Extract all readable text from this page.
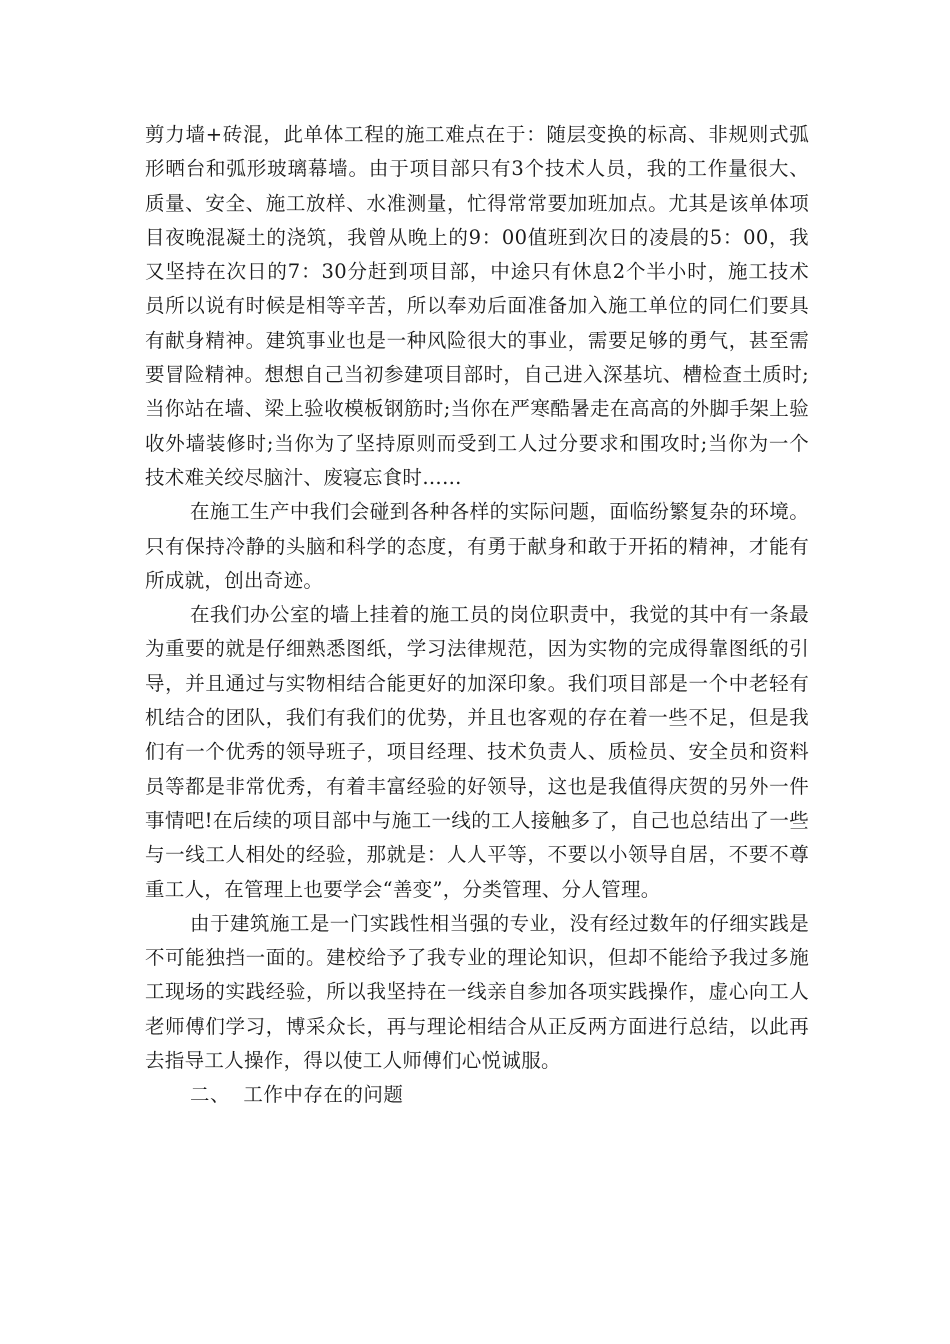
剪力墙+砖混，此单体工程的施工难点在于：随层变换的标高、非规则式弧形晒台和弧形玻璃幕墙。由于项目部只有3个技术人员，我的工作量很大、质量、安全、施工放样、水准测量，忙得常常要加班加点。尤其是该单体项目夜晚混凝土的浇筑，我曾从晚上的9：00值班到次日的凌晨的5：00，我又坚持在次日的7：30分赶到项目部，中途只有休息2个半小时，施工技术员所以说有时候是相等辛苦，所以奉劝后面准备加入施工单位的同仁们要具有献身精神。建筑事业也是一种风险很大的事业，需要足够的勇气，甚至需要冒险精神。想想自己当初参建项目部时，自己进入深基坑、槽检查土质时;当你站在墙、梁上验收模板钢筋时;当你在严寒酷暑走在高高的外脚手架上验收外墙装修时;当你为了坚持原则而受到工人过分要求和围攻时;当你为一个技术难关绞尽脑汁、废寝忘食时……

在施工生产中我们会碰到各种各样的实际问题，面临纷繁复杂的环境。只有保持冷静的头脑和科学的态度，有勇于献身和敢于开拓的精神，才能有所成就，创出奇迹。

在我们办公室的墙上挂着的施工员的岗位职责中，我觉的其中有一条最为重要的就是仔细熟悉图纸，学习法律规范，因为实物的完成得靠图纸的引导，并且通过与实物相结合能更好的加深印象。我们项目部是一个中老轻有机结合的团队，我们有我们的优势，并且也客观的存在着一些不足，但是我们有一个优秀的领导班子，项目经理、技术负责人、质检员、安全员和资料员等都是非常优秀，有着丰富经验的好领导，这也是我值得庆贺的另外一件事情吧!在后续的项目部中与施工一线的工人接触多了，自己也总结出了一些与一线工人相处的经验，那就是：人人平等，不要以小领导自居，不要不尊重工人，在管理上也要学会“善变”，分类管理、分人管理。

由于建筑施工是一门实践性相当强的专业，没有经过数年的仔细实践是不可能独挡一面的。建校给予了我专业的理论知识，但却不能给予我过多施工现场的实践经验，所以我坚持在一线亲自参加各项实践操作，虚心向工人老师傅们学习，博采众长，再与理论相结合从正反两方面进行总结，以此再去指导工人操作，得以使工人师傅们心悦诚服。

二、  工作中存在的问题
